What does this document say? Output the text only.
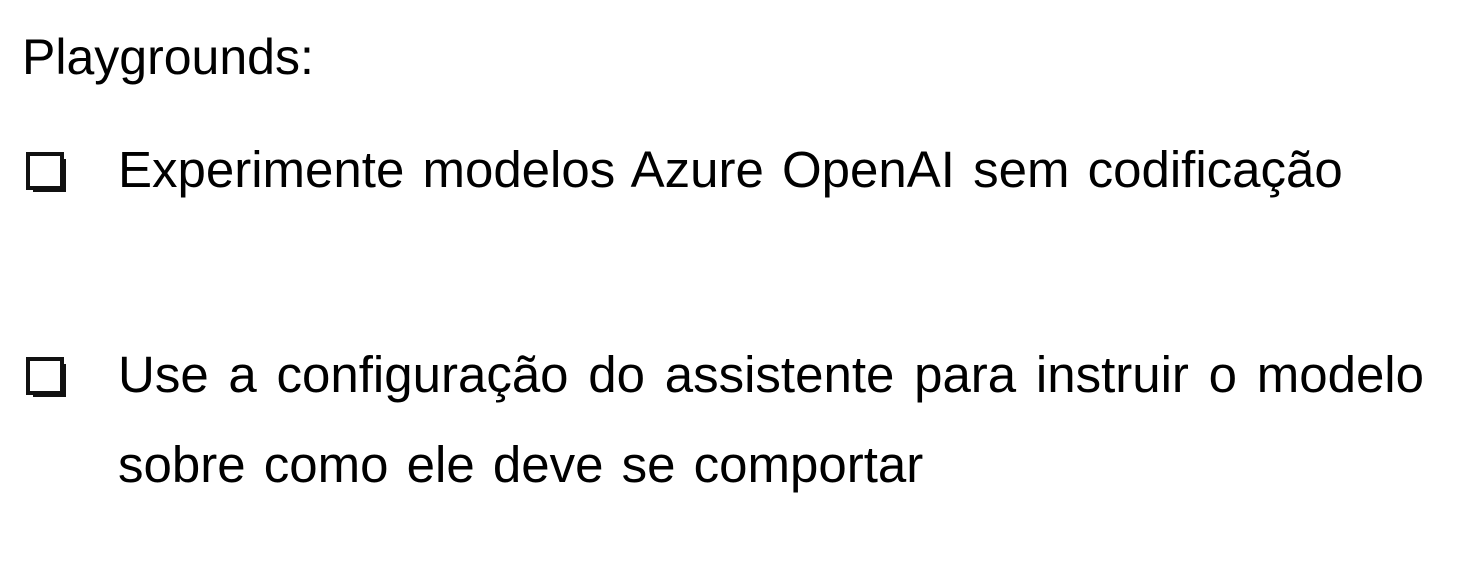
Playgrounds:
Experimente modelos Azure OpenAI sem codificação
Use a configuração do assistente para instruir o modelo sobre como ele deve se comportar
